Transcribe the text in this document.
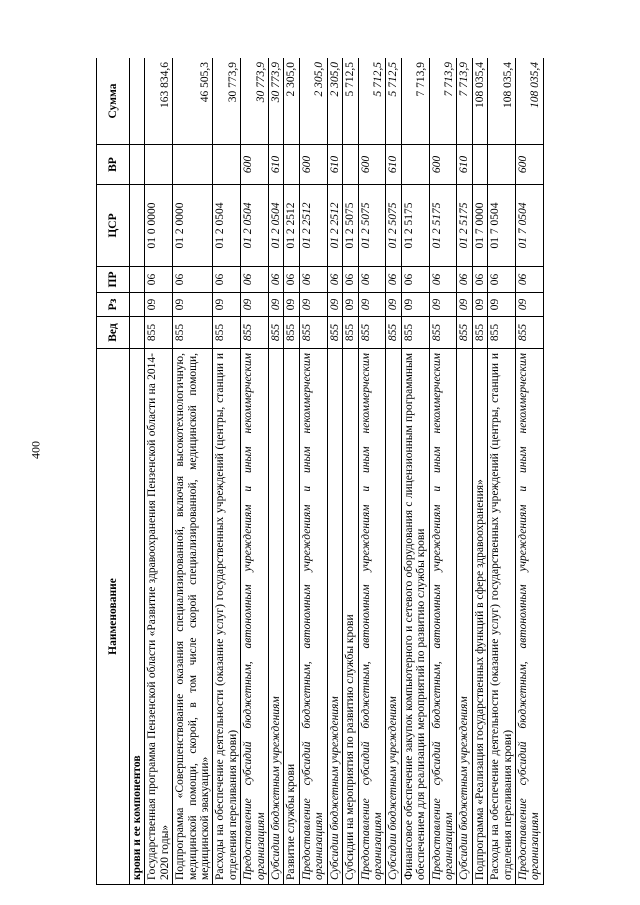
400
Наименование	Вед	Рз	ПР	ЦСР	ВР	Сумма
крови и ее компонентов						
Государственная программа Пензенской области «Развитие здравоохранения Пензенской области на 2014-2020 годы»	855	09	06	01 0 0000		163 834,6
Подпрограмма «Совершенствование оказания специализированной, включая высокотехнологичную, медицинской помощи, скорой, в том числе скорой специализированной, медицинской помощи, медицинской эвакуации»	855	09	06	01 2 0000		46 505,3
Расходы на обеспечение деятельности (оказание услуг) государственных учреждений (центры, станции и отделения переливания крови)	855	09	06	01 2 0504		30 773,9
Предоставление субсидий бюджетным, автономным учреждениям и иным некоммерческим организациям	855	09	06	01 2 0504	600	30 773,9
Субсидии бюджетным учреждениям	855	09	06	01 2 0504	610	30 773,9
Развитие службы крови	855	09	06	01 2 2512		2 305,0
Предоставление субсидий бюджетным, автономным учреждениям и иным некоммерческим организациям	855	09	06	01 2 2512	600	2 305,0
Субсидии бюджетным учреждениям	855	09	06	01 2 2512	610	2 305,0
Субсидии на мероприятия по развитию службы крови	855	09	06	01 2 5075		5 712,5
Предоставление субсидий бюджетным, автономным учреждениям и иным некоммерческим организациям	855	09	06	01 2 5075	600	5 712,5
Субсидии бюджетным учреждениям	855	09	06	01 2 5075	610	5 712,5
Финансовое обеспечение закупок компьютерного и сетевого оборудования с лицензионным программным обеспечением для реализации мероприятий по развитию службы крови	855	09	06	01 2 5175		7 713,9
Предоставление субсидий бюджетным, автономным учреждениям и иным некоммерческим организациям	855	09	06	01 2 5175	600	7 713,9
Субсидии бюджетным учреждениям	855	09	06	01 2 5175	610	7 713,9
Подпрограмма «Реализация государственных функций в сфере здравоохранения»	855	09	06	01 7 0000		108 035,4
Расходы на обеспечение деятельности (оказание услуг) государственных учреждений (центры, станции и отделения переливания крови)	855	09	06	01 7 0504		108 035,4
Предоставление субсидий бюджетным, автономным учреждениям и иным некоммерческим организациям	855	09	06	01 7 0504	600	108 035,4
